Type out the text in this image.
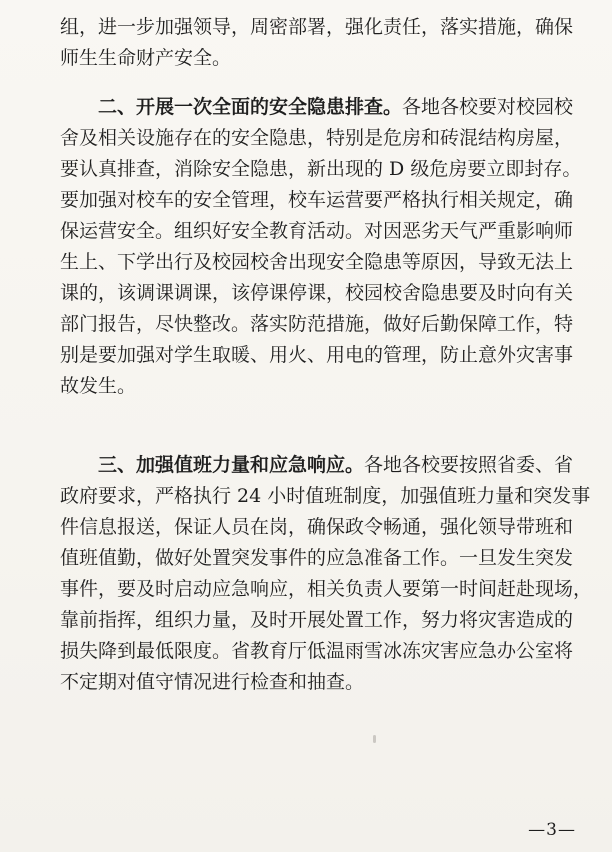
组，进一步加强领导，周密部署，强化责任，落实措施，确保
师生生命财产安全。
二、开展一次全面的安全隐患排查。各地各校要对校园校
舍及相关设施存在的安全隐患，特别是危房和砖混结构房屋，
要认真排查，消除安全隐患，新出现的 D 级危房要立即封存。
要加强对校车的安全管理，校车运营要严格执行相关规定，确
保运营安全。组织好安全教育活动。对因恶劣天气严重影响师
生上、下学出行及校园校舍出现安全隐患等原因，导致无法上
课的，该调课调课，该停课停课，校园校舍隐患要及时向有关
部门报告，尽快整改。落实防范措施，做好后勤保障工作，特
别是要加强对学生取暖、用火、用电的管理，防止意外灾害事
故发生。
三、加强值班力量和应急响应。各地各校要按照省委、省
政府要求，严格执行 24 小时值班制度，加强值班力量和突发事
件信息报送，保证人员在岗，确保政令畅通，强化领导带班和
值班值勤，做好处置突发事件的应急准备工作。一旦发生突发
事件，要及时启动应急响应，相关负责人要第一时间赶赴现场，
靠前指挥，组织力量，及时开展处置工作，努力将灾害造成的
损失降到最低限度。省教育厅低温雨雪冰冻灾害应急办公室将
不定期对值守情况进行检查和抽查。
—3—
